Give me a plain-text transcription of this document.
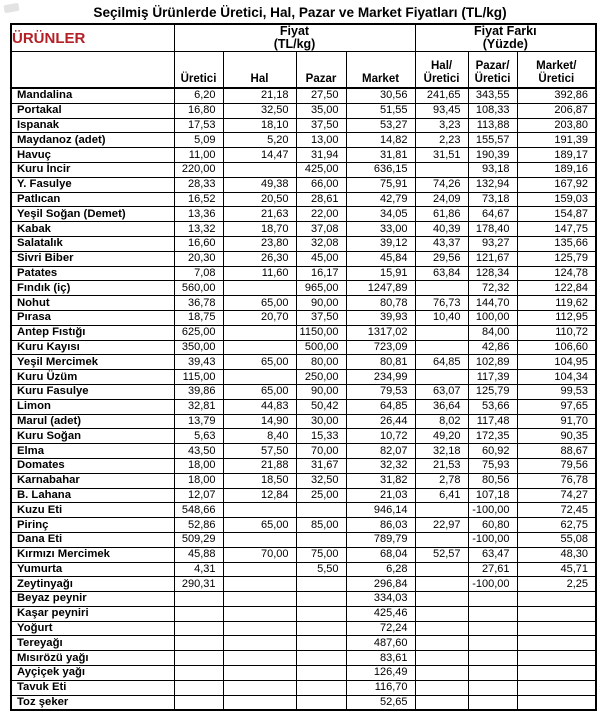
Seçilmiş Ürünlerde Üretici, Hal, Pazar ve Market Fiyatları (TL/kg)
ÜRÜNLER	Fiyat
(TL/kg)

Fiyat Farkı
(Yüzde)

Üretici	Hal	Pazar	Market

Hal/
Üretici

Pazar/
Üretici

Market/
Üretici

Mandalina	6,20	21,18	27,50	30,56	241,65	343,55	392,86
Portakal	16,80	32,50	35,00	51,55	93,45	108,33	206,87
Ispanak	17,53	18,10	37,50	53,27	3,23	113,88	203,80
Maydanoz (adet)	5,09	5,20	13,00	14,82	2,23	155,57	191,39
Havuç	11,00	14,47	31,94	31,81	31,51	190,39	189,17
Kuru İncir	220,00		425,00	636,15		93,18	189,16
Y. Fasulye	28,33	49,38	66,00	75,91	74,26	132,94	167,92
Patlıcan	16,52	20,50	28,61	42,79	24,09	73,18	159,03
Yeşil Soğan (Demet)	13,36	21,63	22,00	34,05	61,86	64,67	154,87
Kabak	13,32	18,70	37,08	33,00	40,39	178,40	147,75
Salatalık	16,60	23,80	32,08	39,12	43,37	93,27	135,66
Sivri Biber	20,30	26,30	45,00	45,84	29,56	121,67	125,79
Patates	7,08	11,60	16,17	15,91	63,84	128,34	124,78
Fındık (iç)	560,00		965,00	1247,89		72,32	122,84
Nohut	36,78	65,00	90,00	80,78	76,73	144,70	119,62
Pırasa	18,75	20,70	37,50	39,93	10,40	100,00	112,95
Antep Fıstığı	625,00		1150,00	1317,02		84,00	110,72
Kuru Kayısı	350,00		500,00	723,09		42,86	106,60
Yeşil Mercimek	39,43	65,00	80,00	80,81	64,85	102,89	104,95
Kuru Üzüm	115,00		250,00	234,99		117,39	104,34
Kuru Fasulye	39,86	65,00	90,00	79,53	63,07	125,79	99,53
Limon	32,81	44,83	50,42	64,85	36,64	53,66	97,65
Marul (adet)	13,79	14,90	30,00	26,44	8,02	117,48	91,70
Kuru Soğan	5,63	8,40	15,33	10,72	49,20	172,35	90,35
Elma	43,50	57,50	70,00	82,07	32,18	60,92	88,67
Domates	18,00	21,88	31,67	32,32	21,53	75,93	79,56
Karnabahar	18,00	18,50	32,50	31,82	2,78	80,56	76,78
B. Lahana	12,07	12,84	25,00	21,03	6,41	107,18	74,27
Kuzu Eti	548,66			946,14		-100,00	72,45
Pirinç	52,86	65,00	85,00	86,03	22,97	60,80	62,75
Dana Eti	509,29			789,79		-100,00	55,08
Kırmızı Mercimek	45,88	70,00	75,00	68,04	52,57	63,47	48,30
Yumurta	4,31		5,50	6,28		27,61	45,71
Zeytinyağı	290,31			296,84		-100,00	2,25
Beyaz peynir				334,03			
Kaşar peyniri				425,46			
Yoğurt				72,24			
Tereyağı				487,60			
Mısırözü yağı				83,61			
Ayçiçek yağı				126,49			
Tavuk Eti				116,70			
Toz şeker				52,65			
